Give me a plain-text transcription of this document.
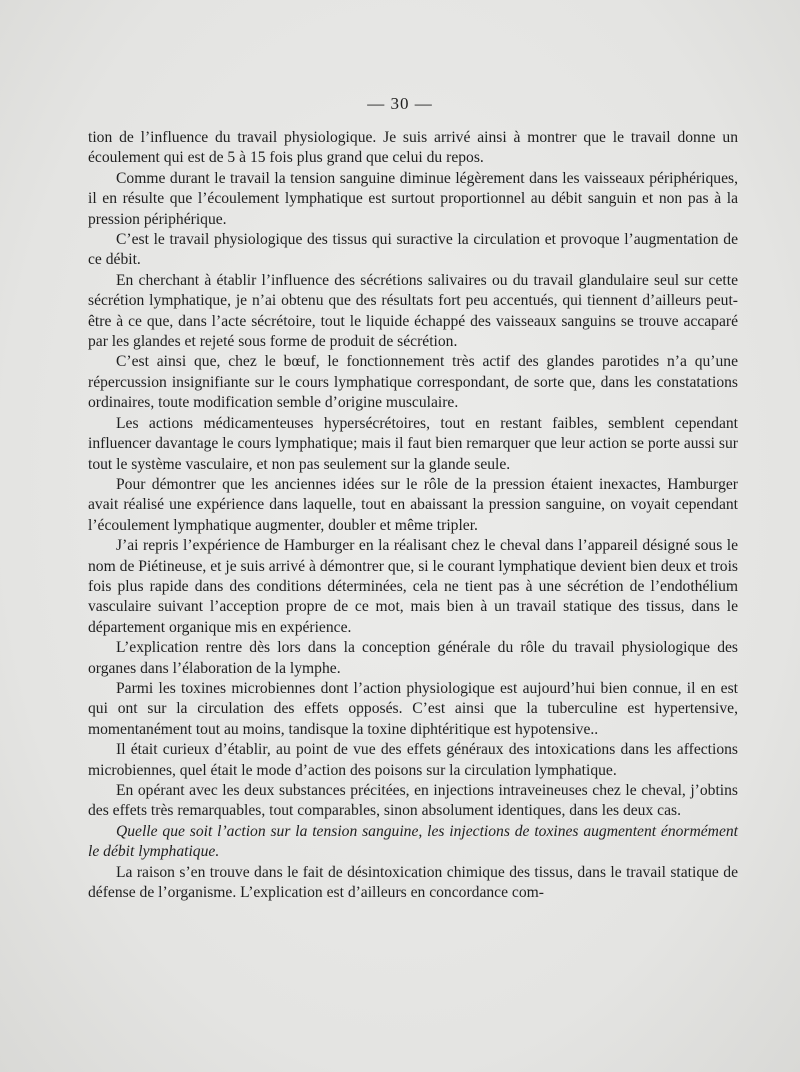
— 30 —

tion de l’influence du travail physiologique. Je suis arrivé ainsi à montrer que le travail donne un écoulement qui est de 5 à 15 fois plus grand que celui du repos.

Comme durant le travail la tension sanguine diminue légèrement dans les vaisseaux périphériques, il en résulte que l’écoulement lymphatique est surtout proportionnel au débit sanguin et non pas à la pression périphérique.

C’est le travail physiologique des tissus qui suractive la circulation et provoque l’augmentation de ce débit.

En cherchant à établir l’influence des sécrétions salivaires ou du travail glandulaire seul sur cette sécrétion lymphatique, je n’ai obtenu que des résultats fort peu accentués, qui tiennent d’ailleurs peut-être à ce que, dans l’acte sécrétoire, tout le liquide échappé des vaisseaux sanguins se trouve accaparé par les glandes et rejeté sous forme de produit de sécrétion.

C’est ainsi que, chez le bœuf, le fonctionnement très actif des glandes parotides n’a qu’une répercussion insignifiante sur le cours lymphatique correspondant, de sorte que, dans les constatations ordinaires, toute modification semble d’origine musculaire.

Les actions médicamenteuses hypersécrétoires, tout en restant faibles, semblent cependant influencer davantage le cours lymphatique; mais il faut bien remarquer que leur action se porte aussi sur tout le système vasculaire, et non pas seulement sur la glande seule.

Pour démontrer que les anciennes idées sur le rôle de la pression étaient inexactes, Hamburger avait réalisé une expérience dans laquelle, tout en abaissant la pression sanguine, on voyait cependant l’écoulement lymphatique augmenter, doubler et même tripler.

J’ai repris l’expérience de Hamburger en la réalisant chez le cheval dans l’appareil désigné sous le nom de Piétineuse, et je suis arrivé à démontrer que, si le courant lymphatique devient bien deux et trois fois plus rapide dans des conditions déterminées, cela ne tient pas à une sécrétion de l’endothélium vasculaire suivant l’acception propre de ce mot, mais bien à un travail statique des tissus, dans le département organique mis en expérience.

L’explication rentre dès lors dans la conception générale du rôle du travail physiologique des organes dans l’élaboration de la lymphe.

Parmi les toxines microbiennes dont l’action physiologique est aujourd’hui bien connue, il en est qui ont sur la circulation des effets opposés. C’est ainsi que la tuberculine est hypertensive, momentanément tout au moins, tandisque la toxine diphtéritique est hypotensive..

Il était curieux d’établir, au point de vue des effets généraux des intoxications dans les affections microbiennes, quel était le mode d’action des poisons sur la circulation lymphatique.

En opérant avec les deux substances précitées, en injections intraveineuses chez le cheval, j’obtins des effets très remarquables, tout comparables, sinon absolument identiques, dans les deux cas.

Quelle que soit l’action sur la tension sanguine, les injections de toxines augmentent énormément le débit lymphatique.

La raison s’en trouve dans le fait de désintoxication chimique des tissus, dans le travail statique de défense de l’organisme. L’explication est d’ailleurs en concordance com-
